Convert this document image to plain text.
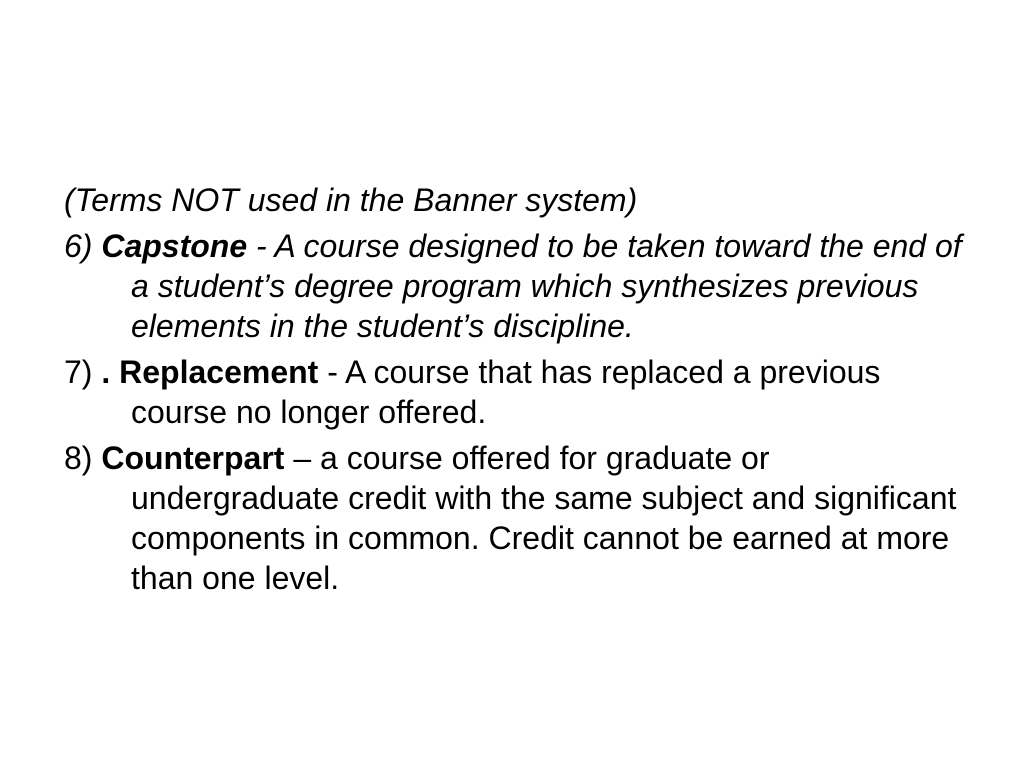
(Terms NOT used in the Banner system)

6) Capstone - A course designed to be taken toward the end of a student’s degree program which synthesizes previous elements in the student’s discipline.

7) . Replacement - A course that has replaced a previous course no longer offered.

8) Counterpart – a course offered for graduate or undergraduate credit with the same subject and significant components in common. Credit cannot be earned at more than one level.
